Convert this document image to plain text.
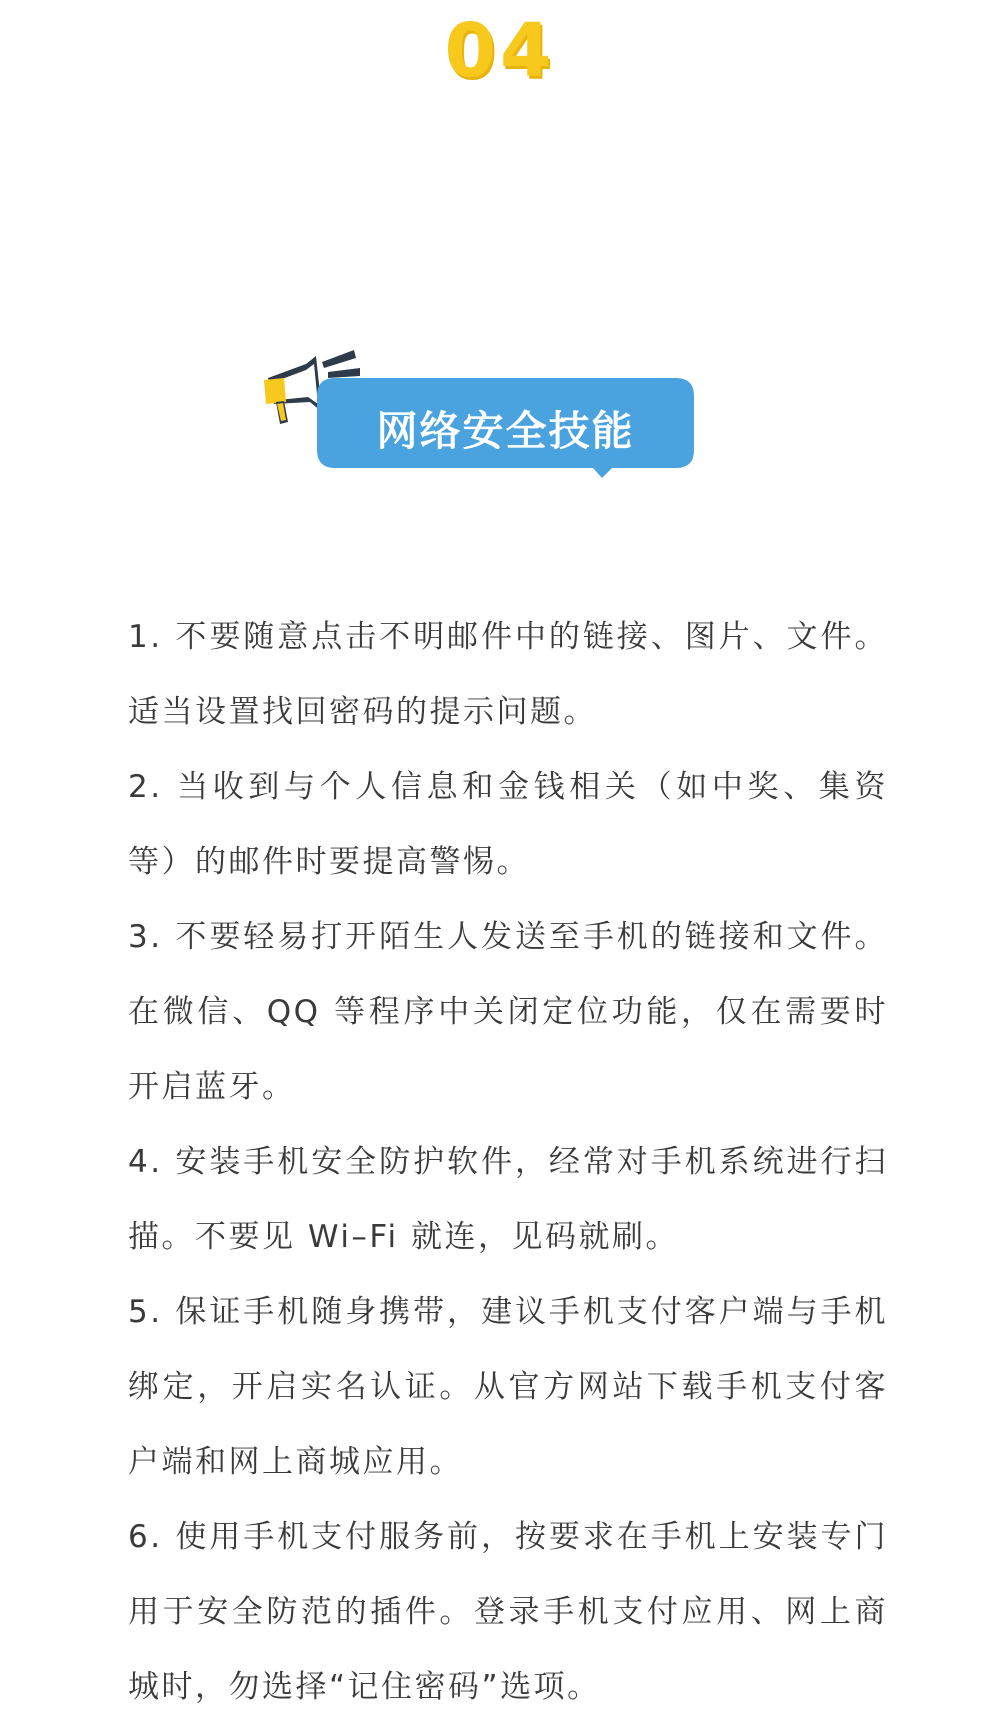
04
网络安全技能

1. 不要随意点击不明邮件中的链接、图片、文件。适当设置找回密码的提示问题。

2. 当收到与个人信息和金钱相关（如中奖、集资等）的邮件时要提高警惕。

3. 不要轻易打开陌生人发送至手机的链接和文件。在微信、QQ 等程序中关闭定位功能，仅在需要时开启蓝牙。

4. 安装手机安全防护软件，经常对手机系统进行扫描。不要见 Wi–Fi 就连，见码就刷。

5. 保证手机随身携带，建议手机支付客户端与手机绑定，开启实名认证。从官方网站下载手机支付客户端和网上商城应用。

6. 使用手机支付服务前，按要求在手机上安装专门用于安全防范的插件。登录手机支付应用、网上商城时，勿选择“记住密码”选项。
